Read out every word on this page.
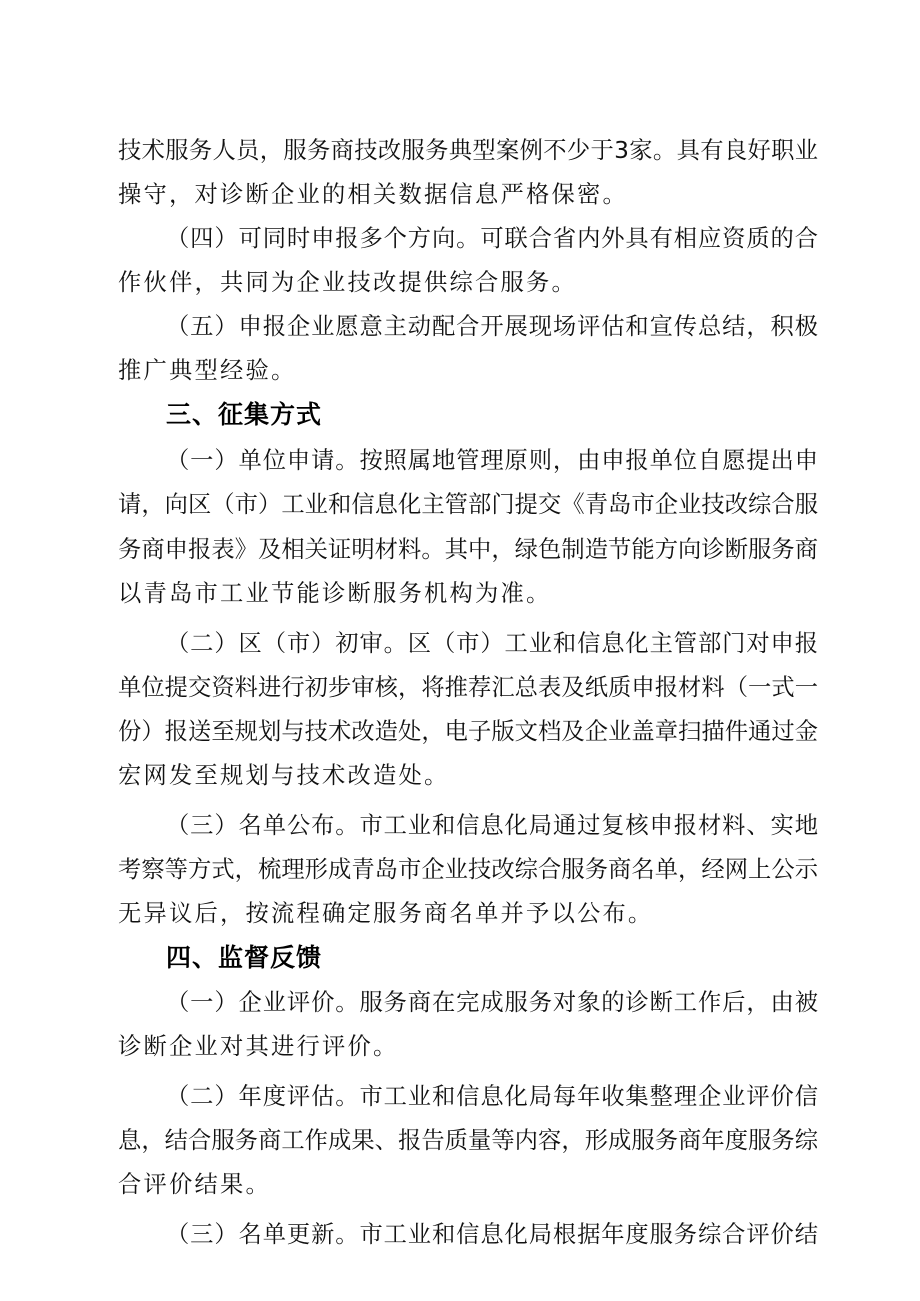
技术服务人员，服务商技改服务典型案例不少于3家。具有良好职业
操守，对诊断企业的相关数据信息严格保密。
（四）可同时申报多个方向。可联合省内外具有相应资质的合
作伙伴，共同为企业技改提供综合服务。
（五）申报企业愿意主动配合开展现场评估和宣传总结，积极
推广典型经验。
三、征集方式
（一）单位申请。按照属地管理原则，由申报单位自愿提出申
请，向区（市）工业和信息化主管部门提交《青岛市企业技改综合服
务商申报表》及相关证明材料。其中，绿色制造节能方向诊断服务商
以青岛市工业节能诊断服务机构为准。
（二）区（市）初审。区（市）工业和信息化主管部门对申报
单位提交资料进行初步审核，将推荐汇总表及纸质申报材料（一式一
份）报送至规划与技术改造处，电子版文档及企业盖章扫描件通过金
宏网发至规划与技术改造处。
（三）名单公布。市工业和信息化局通过复核申报材料、实地
考察等方式，梳理形成青岛市企业技改综合服务商名单，经网上公示
无异议后，按流程确定服务商名单并予以公布。
四、监督反馈
（一）企业评价。服务商在完成服务对象的诊断工作后，由被
诊断企业对其进行评价。
（二）年度评估。市工业和信息化局每年收集整理企业评价信
息，结合服务商工作成果、报告质量等内容，形成服务商年度服务综
合评价结果。
（三）名单更新。市工业和信息化局根据年度服务综合评价结
